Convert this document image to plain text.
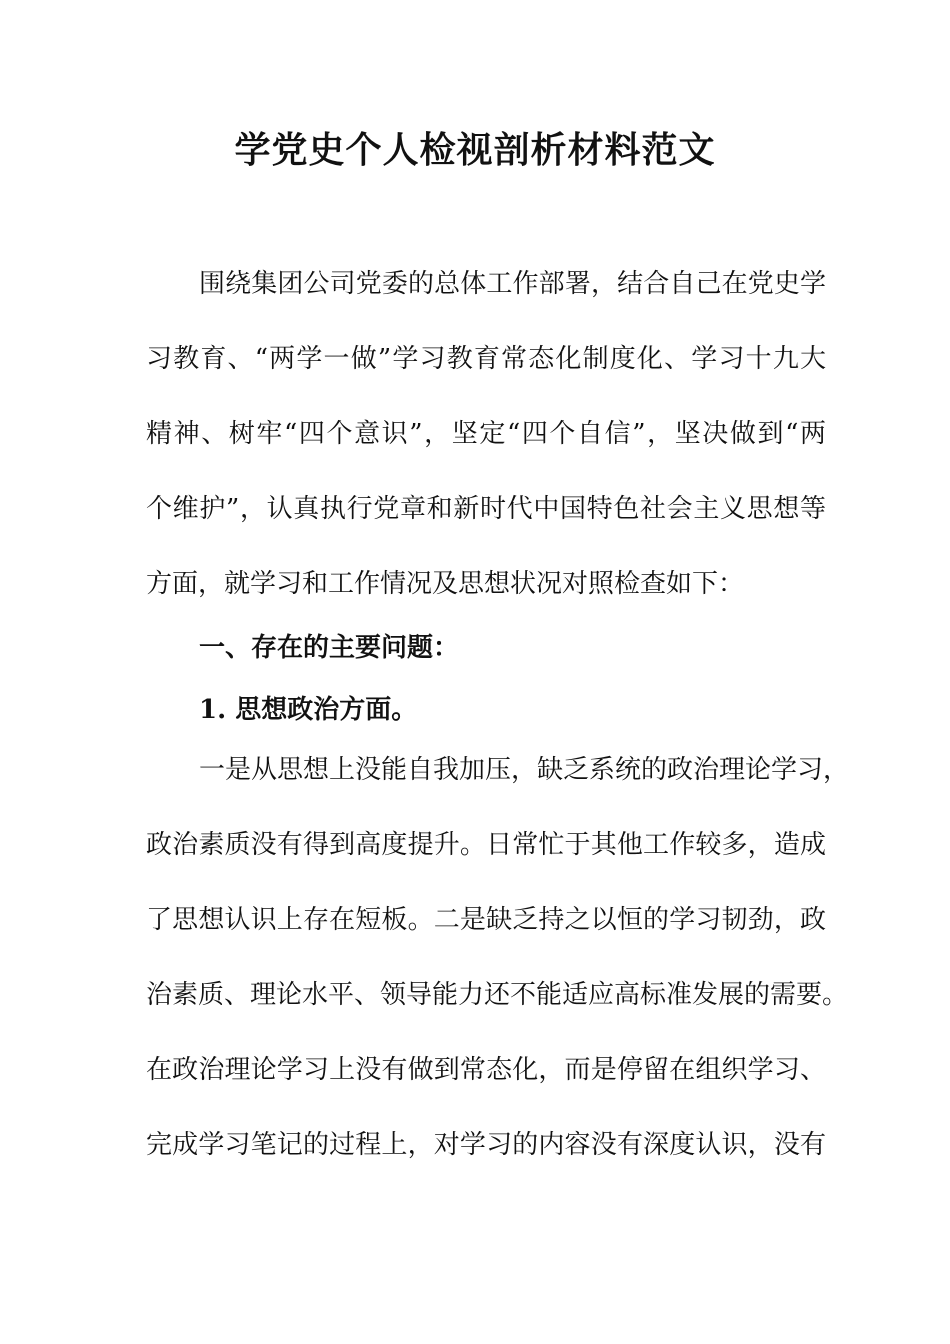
学党史个人检视剖析材料范文

围绕集团公司党委的总体工作部署，结合自己在党史学

习教育、“两学一做”学习教育常态化制度化、学习十九大

精神、树牢“四个意识”，坚定“四个自信”，坚决做到“两

个维护”，认真执行党章和新时代中国特色社会主义思想等

方面，就学习和工作情况及思想状况对照检查如下：

一、存在的主要问题：

1. 思想政治方面。

一是从思想上没能自我加压，缺乏系统的政治理论学习，

政治素质没有得到高度提升。日常忙于其他工作较多，造成

了思想认识上存在短板。二是缺乏持之以恒的学习韧劲，政

治素质、理论水平、领导能力还不能适应高标准发展的需要。

在政治理论学习上没有做到常态化，而是停留在组织学习、

完成学习笔记的过程上，对学习的内容没有深度认识，没有
